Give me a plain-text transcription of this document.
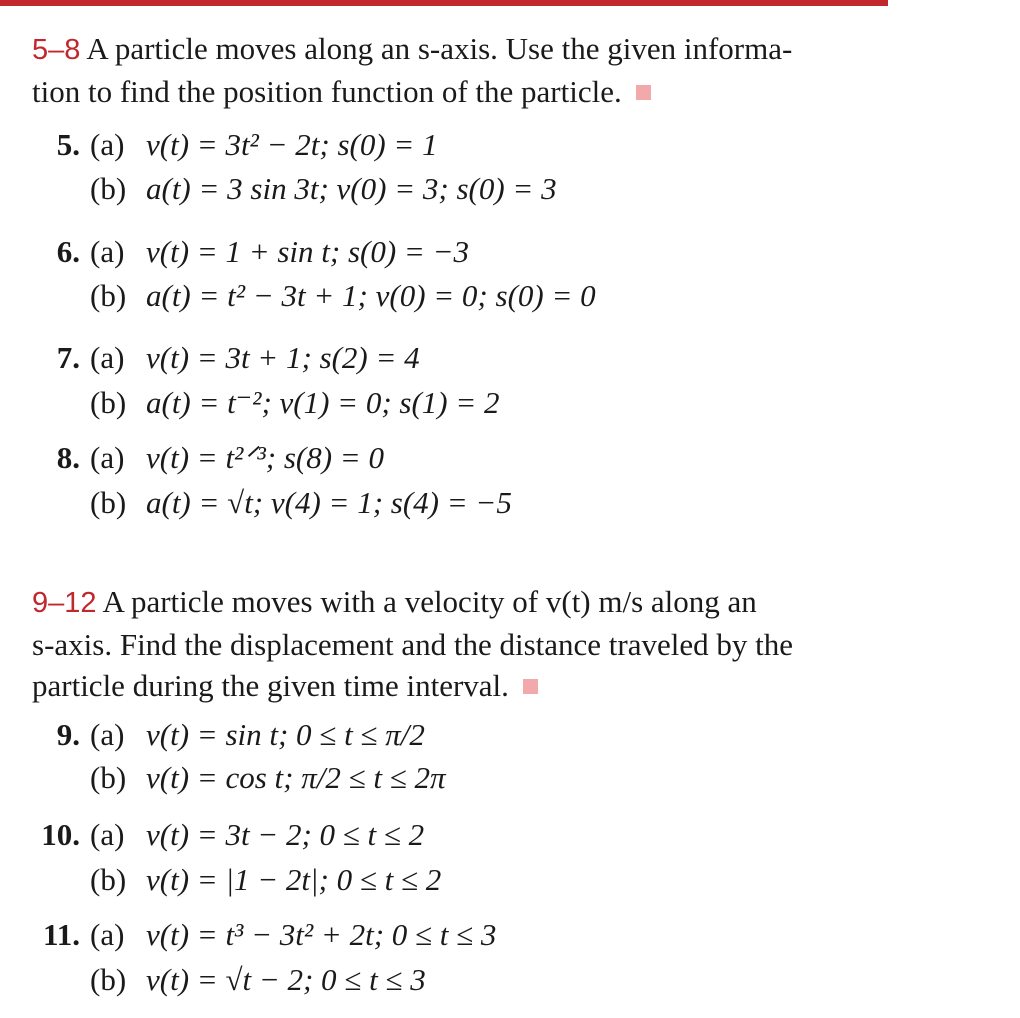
5–8 A particle moves along an s-axis. Use the given informa-
tion to find the position function of the particle.
5. (a) v(t) = 3t² − 2t; s(0) = 1
(b) a(t) = 3 sin 3t; v(0) = 3; s(0) = 3
6. (a) v(t) = 1 + sin t; s(0) = −3
(b) a(t) = t² − 3t + 1; v(0) = 0; s(0) = 0
7. (a) v(t) = 3t + 1; s(2) = 4
(b) a(t) = t⁻²; v(1) = 0; s(1) = 2
8. (a) v(t) = t²ᐟ³; s(8) = 0
(b) a(t) = √t; v(4) = 1; s(4) = −5
9–12 A particle moves with a velocity of v(t) m/s along an
s-axis. Find the displacement and the distance traveled by the
particle during the given time interval.
9. (a) v(t) = sin t; 0 ≤ t ≤ π/2
(b) v(t) = cos t; π/2 ≤ t ≤ 2π
10. (a) v(t) = 3t − 2; 0 ≤ t ≤ 2
(b) v(t) = |1 − 2t|; 0 ≤ t ≤ 2
11. (a) v(t) = t³ − 3t² + 2t; 0 ≤ t ≤ 3
(b) v(t) = √t − 2; 0 ≤ t ≤ 3
